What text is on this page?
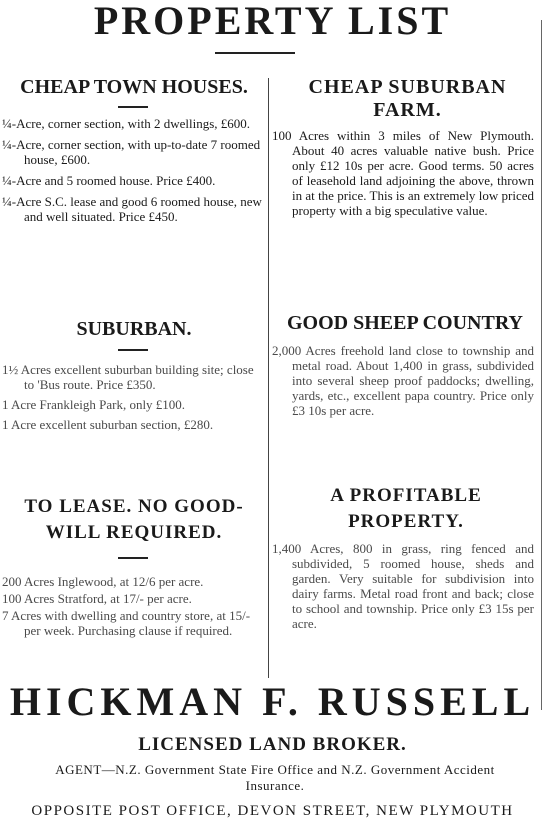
PROPERTY LIST
CHEAP TOWN HOUSES.

¼-Acre, corner section, with 2 dwellings, £600.

¼-Acre, corner section, with up-to-date 7 roomed house, £600.

¼-Acre and 5 roomed house. Price £400.

¼-Acre S.C. lease and good 6 roomed house, new and well situated. Price £450.

SUBURBAN.

1½ Acres excellent suburban building site; close to 'Bus route. Price £350.

1 Acre Frankleigh Park, only £100.

1 Acre excellent suburban section, £280.

TO LEASE. NO GOOD-WILL REQUIRED.

200 Acres Inglewood, at 12/6 per acre.

100 Acres Stratford, at 17/- per acre.

7 Acres with dwelling and country store, at 15/- per week. Purchasing clause if required.

CHEAP SUBURBAN FARM.

100 Acres within 3 miles of New Plymouth. About 40 acres valuable native bush. Price only £12 10s per acre. Good terms. 50 acres of leasehold land adjoining the above, thrown in at the price. This is an extremely low priced property with a big speculative value.

GOOD SHEEP COUNTRY

2,000 Acres freehold land close to township and metal road. About 1,400 in grass, subdivided into several sheep proof paddocks; dwelling, yards, etc., excellent papa country. Price only £3 10s per acre.

A PROFITABLE PROPERTY.

1,400 Acres, 800 in grass, ring fenced and subdivided, 5 roomed house, sheds and garden. Very suitable for subdivision into dairy farms. Metal road front and back; close to school and township. Price only £3 15s per acre.

HICKMAN F. RUSSELL
LICENSED LAND BROKER.
AGENT—N.Z. Government State Fire Office and N.Z. Government Accident Insurance.
OPPOSITE POST OFFICE, DEVON STREET, NEW PLYMOUTH
